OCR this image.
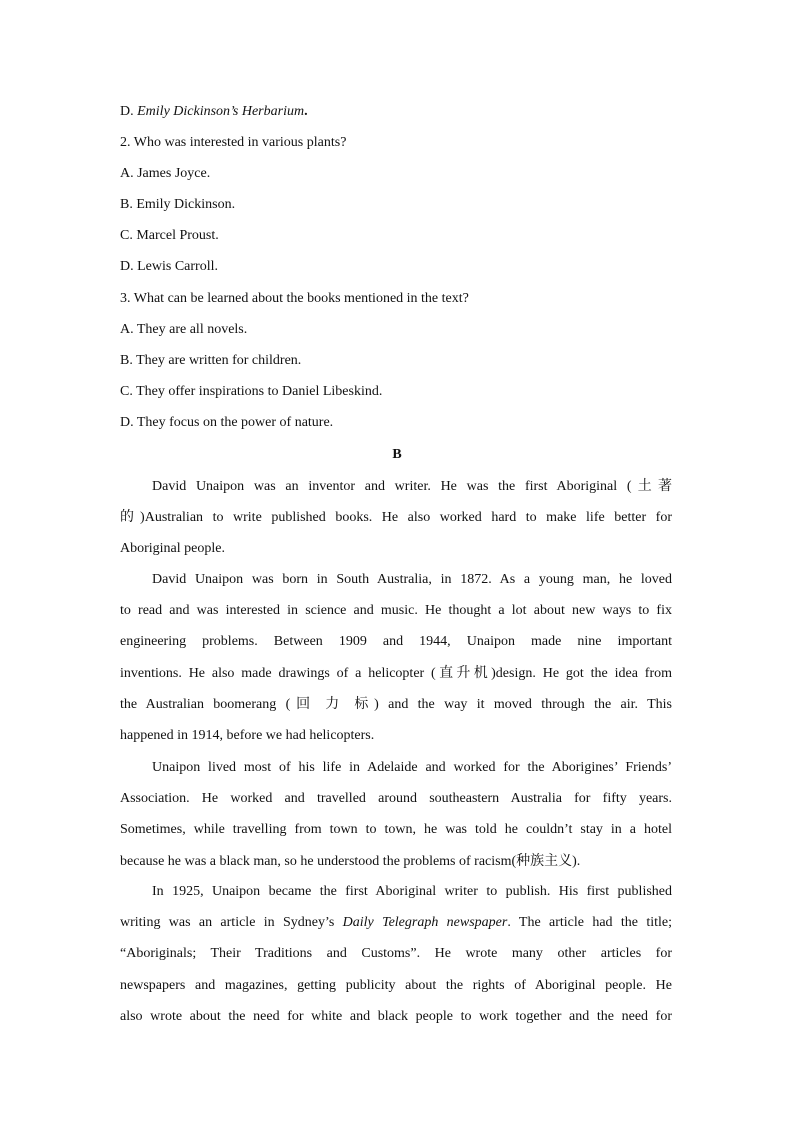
D. Emily Dickinson’s Herbarium.
2. Who was interested in various plants?
A. James Joyce.
B. Emily Dickinson.
C. Marcel Proust.
D. Lewis Carroll.
3. What can be learned about the books mentioned in the text?
A. They are all novels.
B. They are written for children.
C. They offer inspirations to Daniel Libeskind.
D. They focus on the power of nature.
B

David Unaipon was an inventor and writer. He was the first Aboriginal (土著
的)Australian to write published books. He also worked hard to make life better for
Aboriginal people.

David Unaipon was born in South Australia, in 1872. As a young man, he loved
to read and was interested in science and music. He thought a lot about new ways to fix
engineering problems. Between 1909 and 1944, Unaipon made nine important
inventions. He also made drawings of a helicopter (直升机)design. He got the idea from
the Australian boomerang (回 力 标) and the way it moved through the air. This
happened in 1914, before we had helicopters.

Unaipon lived most of his life in Adelaide and worked for the Aborigines’ Friends’
Association. He worked and travelled around southeastern Australia for fifty years.
Sometimes, while travelling from town to town, he was told he couldn’t stay in a hotel
because he was a black man, so he understood the problems of racism(种族主义).

In 1925, Unaipon became the first Aboriginal writer to publish. His first published
writing was an article in Sydney’s Daily Telegraph newspaper. The article had the title;
“Aboriginals; Their Traditions and Customs”. He wrote many other articles for
newspapers and magazines, getting publicity about the rights of Aboriginal people. He
also wrote about the need for white and black people to work together and the need for
